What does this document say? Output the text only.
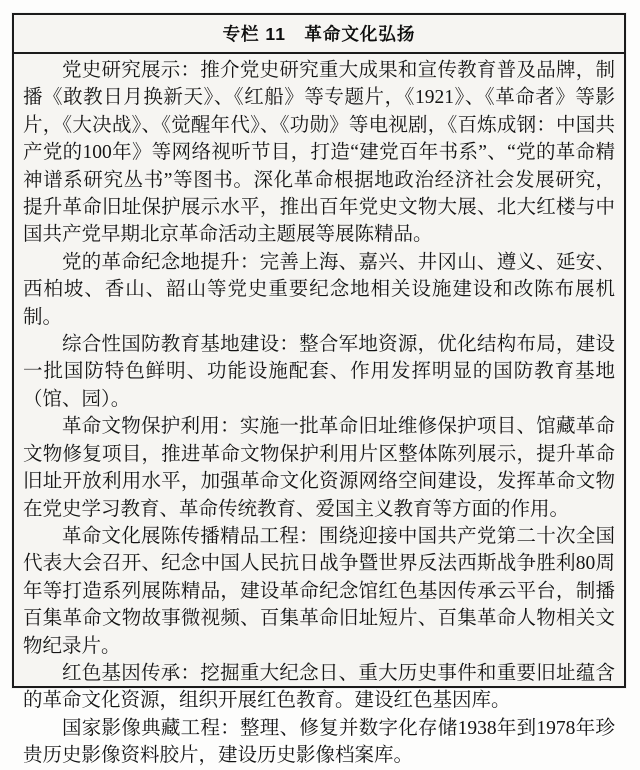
专栏 11　革命文化弘扬

党史研究展示：推介党史研究重大成果和宣传教育普及品牌，制播《敢教日月换新天》、《红船》等专题片，《1921》、《革命者》等影片，《大决战》、《觉醒年代》、《功勋》等电视剧，《百炼成钢：中国共产党的100年》等网络视听节目，打造“建党百年书系”、“党的革命精神谱系研究丛书”等图书。深化革命根据地政治经济社会发展研究，提升革命旧址保护展示水平，推出百年党史文物大展、北大红楼与中国共产党早期北京革命活动主题展等展陈精品。

党的革命纪念地提升：完善上海、嘉兴、井冈山、遵义、延安、西柏坡、香山、韶山等党史重要纪念地相关设施建设和改陈布展机制。

综合性国防教育基地建设：整合军地资源，优化结构布局，建设一批国防特色鲜明、功能设施配套、作用发挥明显的国防教育基地（馆、园）。

革命文物保护利用：实施一批革命旧址维修保护项目、馆藏革命文物修复项目，推进革命文物保护利用片区整体陈列展示，提升革命旧址开放利用水平，加强革命文化资源网络空间建设，发挥革命文物在党史学习教育、革命传统教育、爱国主义教育等方面的作用。

革命文化展陈传播精品工程：围绕迎接中国共产党第二十次全国代表大会召开、纪念中国人民抗日战争暨世界反法西斯战争胜利80周年等打造系列展陈精品，建设革命纪念馆红色基因传承云平台，制播百集革命文物故事微视频、百集革命旧址短片、百集革命人物相关文物纪录片。

红色基因传承：挖掘重大纪念日、重大历史事件和重要旧址蕴含的革命文化资源，组织开展红色教育。建设红色基因库。

国家影像典藏工程：整理、修复并数字化存储1938年到1978年珍贵历史影像资料胶片，建设历史影像档案库。
